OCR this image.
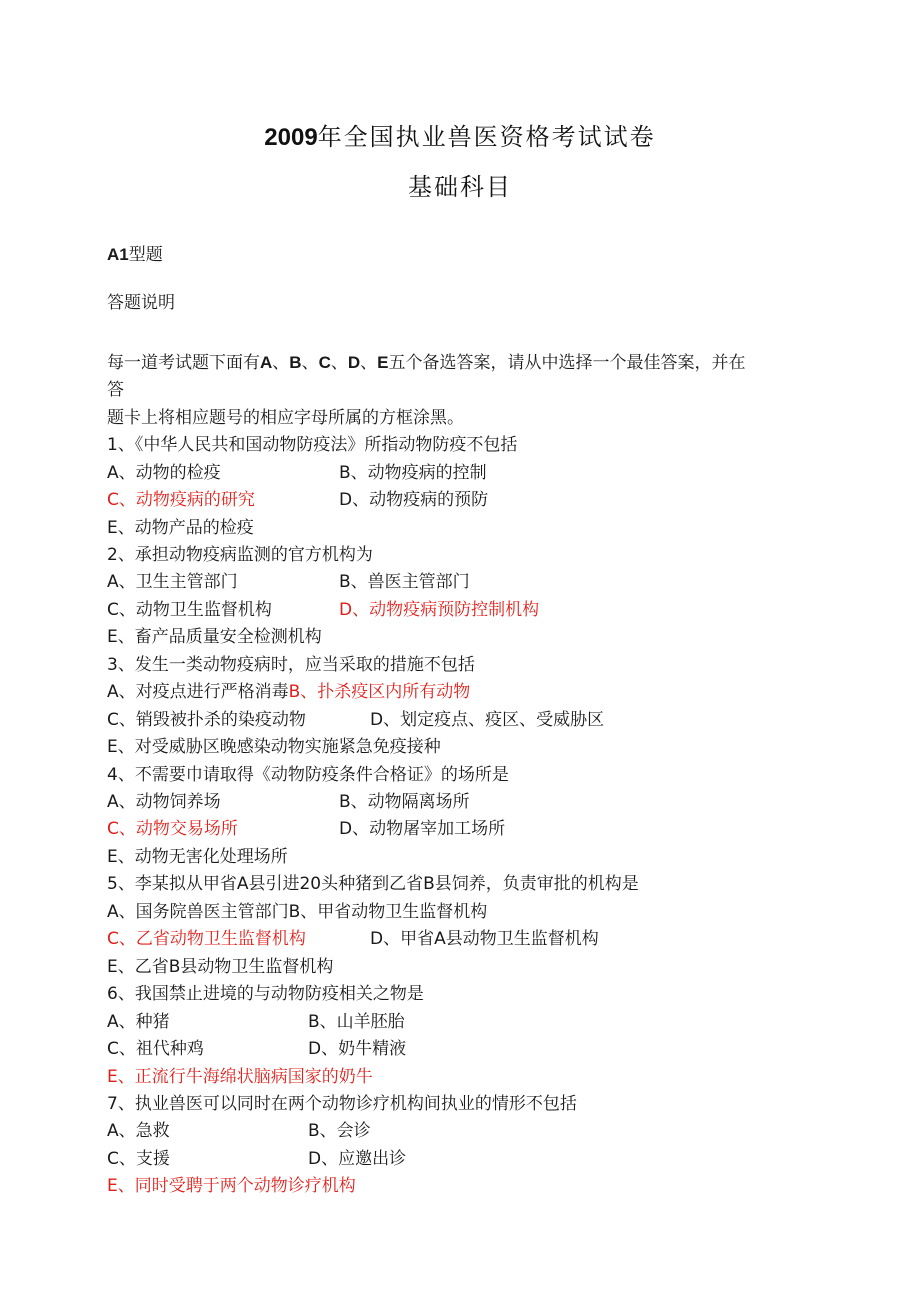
2009年全国执业兽医资格考试试卷
基础科目
A1型题
答题说明
每一道考试题下面有A、B、C、D、E五个备选答案，请从中选择一个最佳答案，并在
答
题卡上将相应题号的相应字母所属的方框涂黑。
1、《中华人民共和国动物防疫法》所指动物防疫不包括
A、动物的检疫	B、动物疫病的控制
C、动物疫病的研究	D、动物疫病的预防
E、动物产品的检疫
2、承担动物疫病监测的官方机构为
A、卫生主管部门	B、兽医主管部门
C、动物卫生监督机构	D、动物疫病预防控制机构
E、畜产品质量安全检测机构
3、发生一类动物疫病时，应当采取的措施不包括
A、对疫点进行严格消毒B、扑杀疫区内所有动物
C、销毁被扑杀的染疫动物	D、划定疫点、疫区、受威胁区
E、对受威胁区晚感染动物实施紧急免疫接种
4、不需要巾请取得《动物防疫条件合格证》的场所是
A、动物饲养场	B、动物隔离场所
C、动物交易场所	D、动物屠宰加工场所
E、动物无害化处理场所
5、李某拟从甲省A县引进20头种猪到乙省B县饲养，负责审批的机构是
A、国务院兽医主管部门B、甲省动物卫生监督机构
C、乙省动物卫生监督机构	D、甲省A县动物卫生监督机构
E、乙省B县动物卫生监督机构
6、我国禁止进境的与动物防疫相关之物是
A、种猪	B、山羊胚胎
C、祖代种鸡	D、奶牛精液
E、正流行牛海绵状脑病国家的奶牛
7、执业兽医可以同时在两个动物诊疗机构间执业的情形不包括
A、急救	B、会诊
C、支援	D、应邀出诊
E、同时受聘于两个动物诊疗机构
